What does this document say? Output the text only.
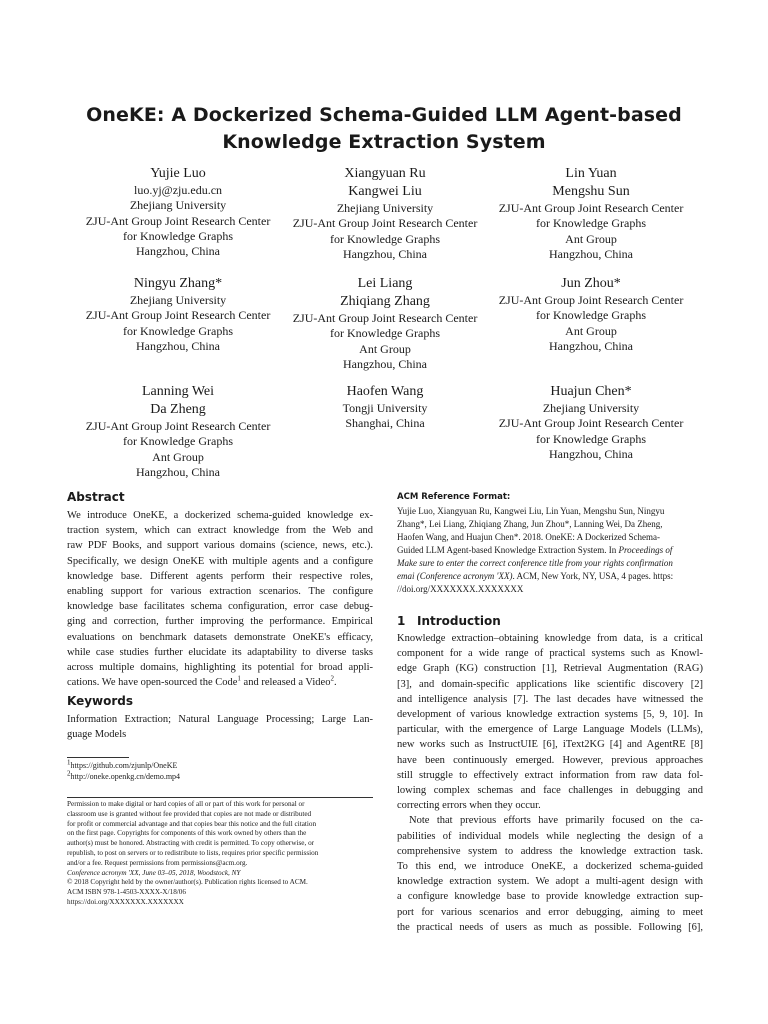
OneKE: A Dockerized Schema-Guided LLM Agent-based
Knowledge Extraction System
Yujie Luo
luo.yj@zju.edu.cn
Zhejiang University
ZJU-Ant Group Joint Research Center
for Knowledge Graphs
Hangzhou, China
Xiangyuan Ru
Kangwei Liu
Zhejiang University
ZJU-Ant Group Joint Research Center
for Knowledge Graphs
Hangzhou, China
Lin Yuan
Mengshu Sun
ZJU-Ant Group Joint Research Center
for Knowledge Graphs
Ant Group
Hangzhou, China
Ningyu Zhang*
Zhejiang University
ZJU-Ant Group Joint Research Center
for Knowledge Graphs
Hangzhou, China
Lei Liang
Zhiqiang Zhang
ZJU-Ant Group Joint Research Center
for Knowledge Graphs
Ant Group
Hangzhou, China
Jun Zhou*
ZJU-Ant Group Joint Research Center
for Knowledge Graphs
Ant Group
Hangzhou, China
Lanning Wei
Da Zheng
ZJU-Ant Group Joint Research Center
for Knowledge Graphs
Ant Group
Hangzhou, China
Haofen Wang
Tongji University
Shanghai, China
Huajun Chen*
Zhejiang University
ZJU-Ant Group Joint Research Center
for Knowledge Graphs
Hangzhou, China
Abstract
We introduce OneKE, a dockerized schema-guided knowledge ex-
traction system, which can extract knowledge from the Web and
raw PDF Books, and support various domains (science, news, etc.).
Specifically, we design OneKE with multiple agents and a configure
knowledge base. Different agents perform their respective roles,
enabling support for various extraction scenarios. The configure
knowledge base facilitates schema configuration, error case debug-
ging and correction, further improving the performance. Empirical
evaluations on benchmark datasets demonstrate OneKE's efficacy,
while case studies further elucidate its adaptability to diverse tasks
across multiple domains, highlighting its potential for broad appli-
cations. We have open-sourced the Code$^1$ and released a Video$^2$.
Keywords
Information Extraction; Natural Language Processing; Large Lan-
guage Models
$^1$https://github.com/zjunlp/OneKE
$^2$http://oneke.openkg.cn/demo.mp4
Permission to make digital or hard copies of all or part of this work for personal or
classroom use is granted without fee provided that copies are not made or distributed
for profit or commercial advantage and that copies bear this notice and the full citation
on the first page. Copyrights for components of this work owned by others than the
author(s) must be honored. Abstracting with credit is permitted. To copy otherwise, or
republish, to post on servers or to redistribute to lists, requires prior specific permission
and/or a fee. Request permissions from permissions@acm.org.
Conference acronym 'XX, June 03–05, 2018, Woodstock, NY
© 2018 Copyright held by the owner/author(s). Publication rights licensed to ACM.
ACM ISBN 978-1-4503-XXXX-X/18/06
https://doi.org/XXXXXXX.XXXXXXX
ACM Reference Format:
Yujie Luo, Xiangyuan Ru, Kangwei Liu, Lin Yuan, Mengshu Sun, Ningyu
Zhang*, Lei Liang, Zhiqiang Zhang, Jun Zhou*, Lanning Wei, Da Zheng,
Haofen Wang, and Huajun Chen*. 2018. OneKE: A Dockerized Schema-
Guided LLM Agent-based Knowledge Extraction System. In Proceedings of
Make sure to enter the correct conference title from your rights confirmation
emai (Conference acronym 'XX). ACM, New York, NY, USA, 4 pages. https:
//doi.org/XXXXXXX.XXXXXXX
1 Introduction
Knowledge extraction–obtaining knowledge from data, is a critical
component for a wide range of practical systems such as Knowl-
edge Graph (KG) construction [1], Retrieval Augmentation (RAG)
[3], and domain-specific applications like scientific discovery [2]
and intelligence analysis [7]. The last decades have witnessed the
development of various knowledge extraction systems [5, 9, 10]. In
particular, with the emergence of Large Language Models (LLMs),
new works such as InstructUIE [6], iText2KG [4] and AgentRE [8]
have been continuously emerged. However, previous approaches
still struggle to effectively extract information from raw data fol-
lowing complex schemas and face challenges in debugging and
correcting errors when they occur.
Note that previous efforts have primarily focused on the ca-
pabilities of individual models while neglecting the design of a
comprehensive system to address the knowledge extraction task.
To this end, we introduce OneKE, a dockerized schema-guided
knowledge extraction system. We adopt a multi-agent design with
a configure knowledge base to provide knowledge extraction sup-
port for various scenarios and error debugging, aiming to meet
the practical needs of users as much as possible. Following [6],
